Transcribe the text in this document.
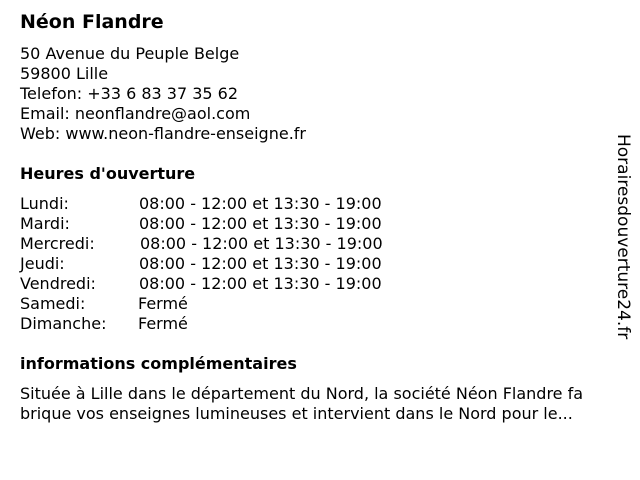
Néon Flandre
50 Avenue du Peuple Belge
59800 Lille
Telefon: +33 6 83 37 35 62
Email: neonflandre@aol.com
Web: www.neon-flandre-enseigne.fr
Heures d'ouverture
Lundi:	08:00 - 12:00 et 13:30 - 19:00
Mardi:	08:00 - 12:00 et 13:30 - 19:00
Mercredi:	08:00 - 12:00 et 13:30 - 19:00
Jeudi:	08:00 - 12:00 et 13:30 - 19:00
Vendredi:	08:00 - 12:00 et 13:30 - 19:00
Samedi:	Fermé
Dimanche: Fermé
informations complémentaires
Située à Lille dans le département du Nord, la société Néon Flandre fa
brique vos enseignes lumineuses et intervient dans le Nord pour le...
Horairesdouverture24.fr
